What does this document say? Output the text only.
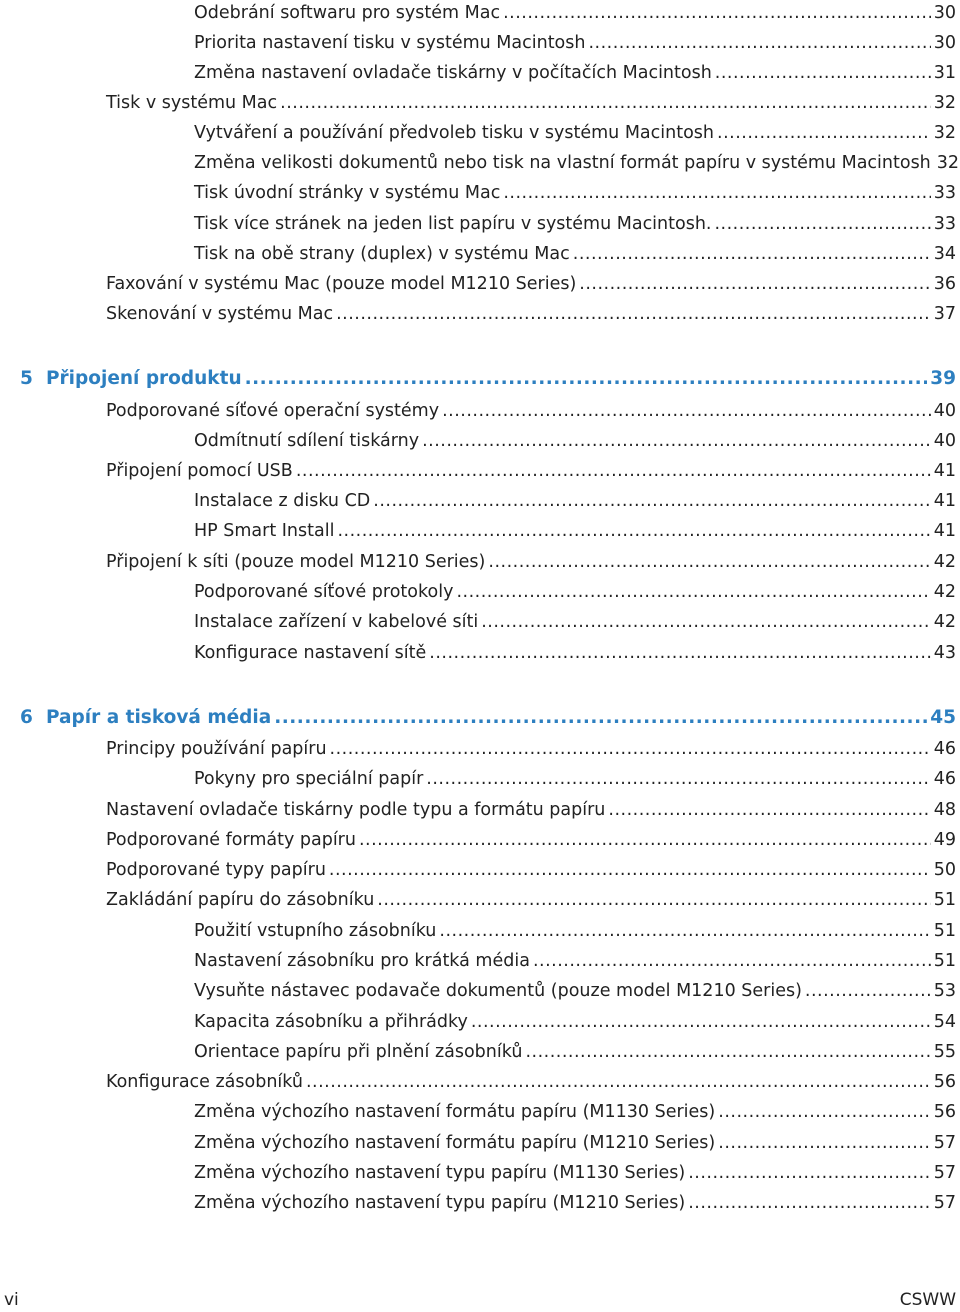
Odebrání softwaru pro systém Mac .....	30
Priorita nastavení tisku v systému Macintosh .....	30
Změna nastavení ovladače tiskárny v počítačích Macintosh .....	31
Tisk v systému Mac .....	32
Vytváření a používání předvoleb tisku v systému Macintosh .....	32
Změna velikosti dokumentů nebo tisk na vlastní formát papíru v systému Macintosh 32
Tisk úvodní stránky v systému Mac .....	33
Tisk více stránek na jeden list papíru v systému Macintosh. .....	33
Tisk na obě strany (duplex) v systému Mac .....	34
Faxování v systému Mac (pouze model M1210 Series) .....	36
Skenování v systému Mac .....	37
5 Připojení produktu .....	39
Podporované síťové operační systémy .....	40
Odmítnutí sdílení tiskárny .....	40
Připojení pomocí USB .....	41
Instalace z disku CD .....	41
HP Smart Install .....	41
Připojení k síti (pouze model M1210 Series) .....	42
Podporované síťové protokoly .....	42
Instalace zařízení v kabelové síti .....	42
Konfigurace nastavení sítě .....	43
6 Papír a tisková média .....	45
Principy používání papíru .....	46
Pokyny pro speciální papír .....	46
Nastavení ovladače tiskárny podle typu a formátu papíru .....	48
Podporované formáty papíru .....	49
Podporované typy papíru .....	50
Zakládání papíru do zásobníku .....	51
Použití vstupního zásobníku .....	51
Nastavení zásobníku pro krátká média .....	51
Vysuňte nástavec podavače dokumentů (pouze model M1210 Series) .....	53
Kapacita zásobníku a přihrádky .....	54
Orientace papíru při plnění zásobníků .....	55
Konfigurace zásobníků .....	56
Změna výchozího nastavení formátu papíru (M1130 Series) .....	56
Změna výchozího nastavení formátu papíru (M1210 Series) .....	57
Změna výchozího nastavení typu papíru (M1130 Series) .....	57
Změna výchozího nastavení typu papíru (M1210 Series) .....	57
vi	CSWW
